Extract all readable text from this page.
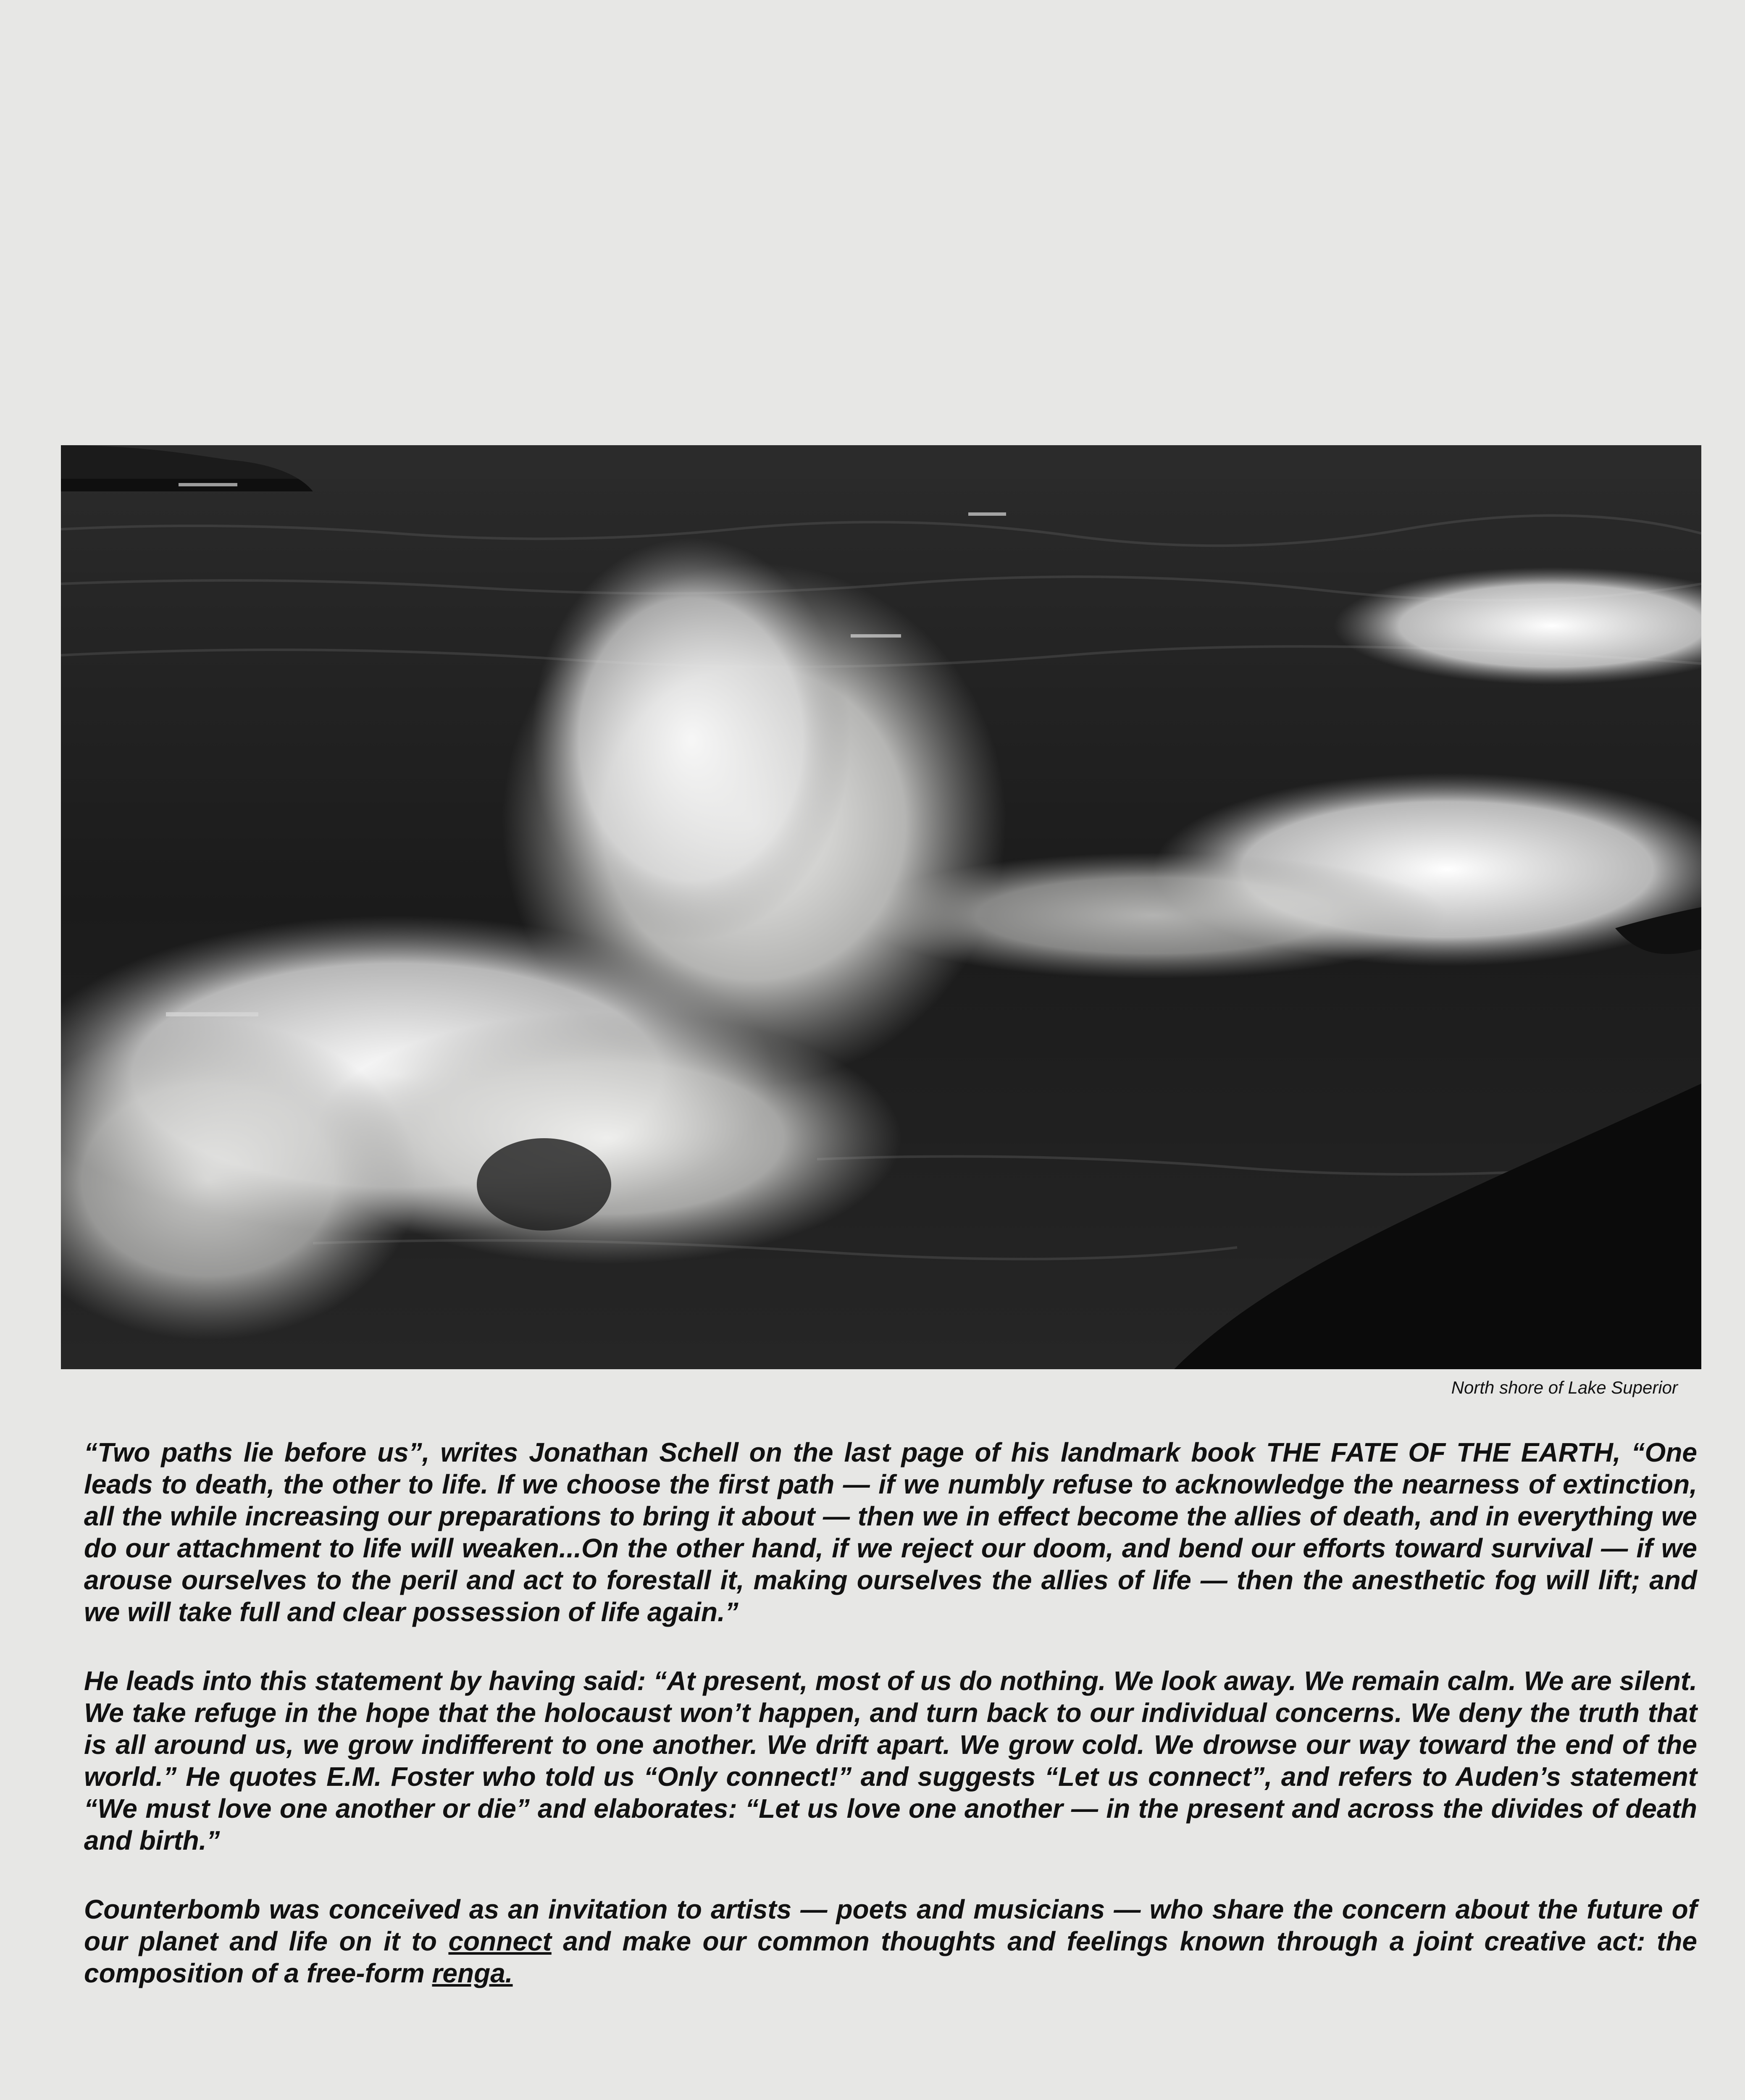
North shore of Lake Superior

“Two paths lie before us”, writes Jonathan Schell on the last page of his landmark book THE FATE OF THE EARTH, “One leads to death, the other to life. If we choose the first path — if we numbly refuse to acknowledge the nearness of extinction, all the while increasing our preparations to bring it about — then we in effect become the allies of death, and in everything we do our attachment to life will weaken...On the other hand, if we reject our doom, and bend our efforts toward survival — if we arouse ourselves to the peril and act to forestall it, making ourselves the allies of life — then the anesthetic fog will lift; and we will take full and clear possession of life again.”

He leads into this statement by having said: “At present, most of us do nothing. We look away. We remain calm. We are silent. We take refuge in the hope that the holocaust won’t happen, and turn back to our individual concerns. We deny the truth that is all around us, we grow indifferent to one another. We drift apart. We grow cold. We drowse our way toward the end of the world.” He quotes E.M. Foster who told us “Only connect!” and suggests “Let us connect”, and refers to Auden’s statement “We must love one another or die” and elaborates: “Let us love one another — in the present and across the divides of death and birth.”

Counterbomb was conceived as an invitation to artists — poets and musicians — who share the concern about the future of our planet and life on it to connect and make our common thoughts and feelings known through a joint creative act: the composition of a free-form renga.
